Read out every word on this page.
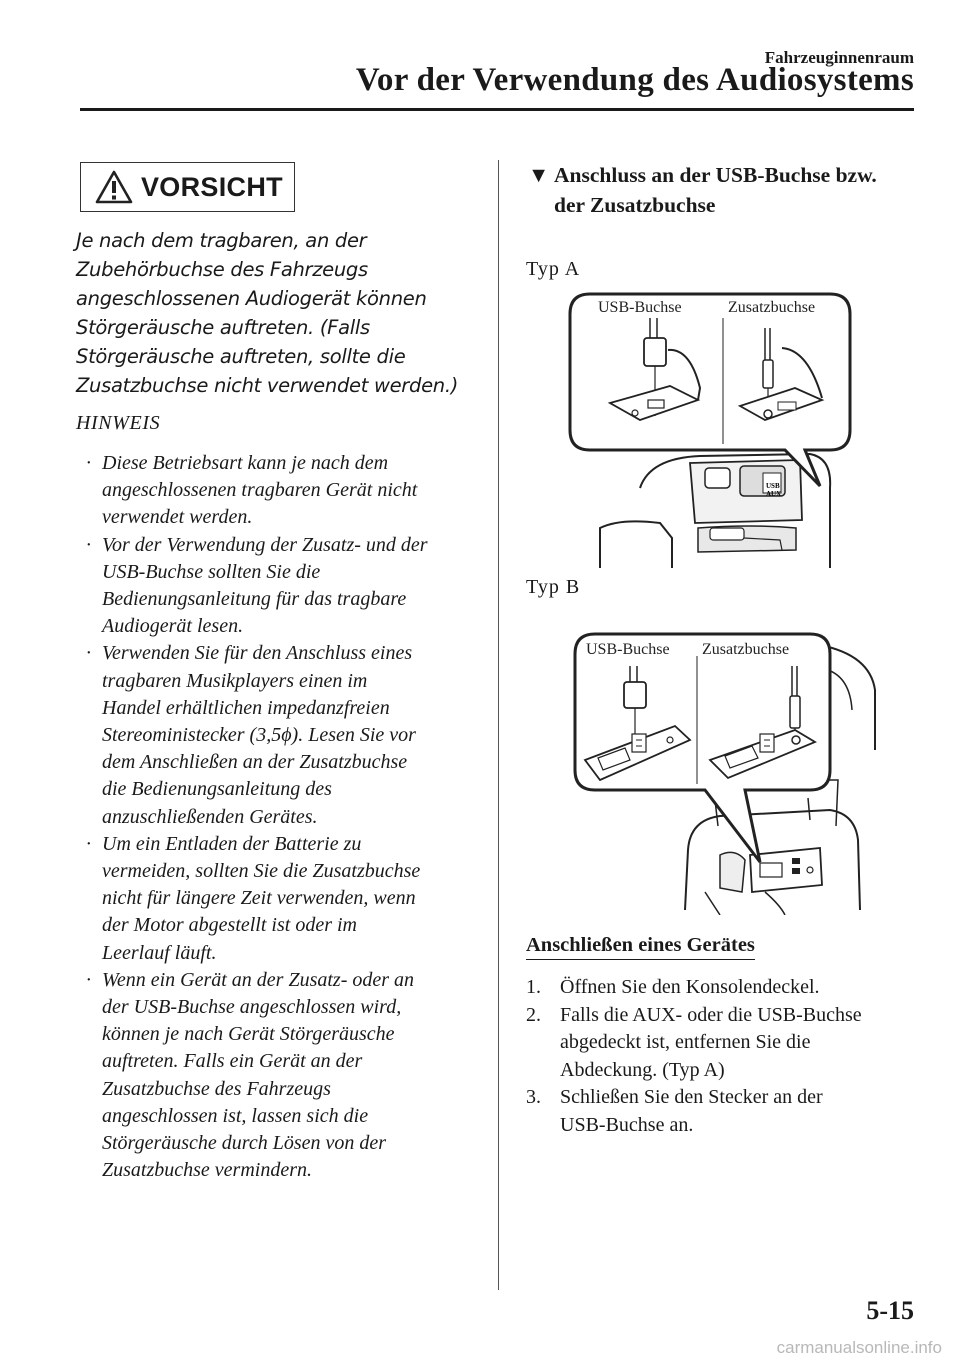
Fahrzeuginnenraum
Vor der Verwendung des Audiosystems
VORSICHT
Je nach dem tragbaren, an der
Zubehörbuchse des Fahrzeugs
angeschlossenen Audiogerät können
Störgeräusche auftreten. (Falls
Störgeräusche auftreten, sollte die
Zusatzbuchse nicht verwendet werden.)
HINWEIS
· Diese Betriebsart kann je nach dem
angeschlossenen tragbaren Gerät nicht
verwendet werden.
· Vor der Verwendung der Zusatz- und der
USB-Buchse sollten Sie die
Bedienungsanleitung für das tragbare
Audiogerät lesen.
· Verwenden Sie für den Anschluss eines
tragbaren Musikplayers einen im
Handel erhältlichen impedanzfreien
Stereoministecker (3,5ϕ). Lesen Sie vor
dem Anschließen an der Zusatzbuchse
die Bedienungsanleitung des
anzuschließenden Gerätes.
· Um ein Entladen der Batterie zu
vermeiden, sollten Sie die Zusatzbuchse
nicht für längere Zeit verwenden, wenn
der Motor abgestellt ist oder im
Leerlauf läuft.
· Wenn ein Gerät an der Zusatz- oder an
der USB-Buchse angeschlossen wird,
können je nach Gerät Störgeräusche
auftreten. Falls ein Gerät an der
Zusatzbuchse des Fahrzeugs
angeschlossen ist, lassen sich die
Störgeräusche durch Lösen von der
Zusatzbuchse vermindern.
▼ Anschluss an der USB-Buchse bzw.
der Zusatzbuchse
Typ A
USB-Buchse	Zusatzbuchse
USB
AUX
Typ B
USB-Buchse Zusatzbuchse
Anschließen eines Gerätes
1. Öffnen Sie den Konsolendeckel.
2. Falls die AUX- oder die USB-Buchse
abgedeckt ist, entfernen Sie die
Abdeckung. (Typ A)
3. Schließen Sie den Stecker an der
USB-Buchse an.
5-15
carmanualsonline.info
